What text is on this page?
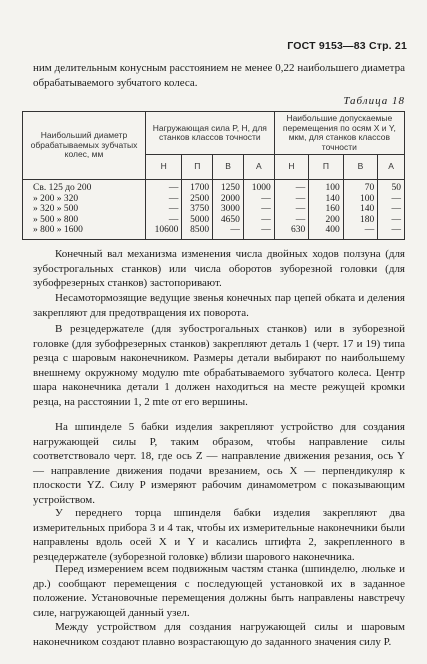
ГОСТ 9153—83 Стр. 21
ним делительным конусным расстоянием не менее 0,22 наибольшего диаметра обрабатываемого зубчатого колеса.
Таблица 18
Наибольший диаметр обрабатываемых зубчатых колес, мм	Нагружающая сила P, Н, для станков классов точности				Наибольшие допускаемые перемещения по осям X и Y, мкм, для станков классов точности			
	Н	П	В	А	Н	П	В	А
Св. 125 до 200	—	1700	1250	1000	—	100	70	50
» 200 » 320	—	2500	2000	—	—	140	100	—
» 320 » 500	—	3750	3000	—	—	160	140	—
» 500 » 800	—	5000	4650	—	—	200	180	—
» 800 » 1600	10600	8500	—	—	630	400	—	—
Конечный вал механизма изменения числа двойных ходов ползуна (для зубострогальных станков) или числа оборотов зуборезной головки (для зубофрезерных станков) застопоривают.
Несамотормозящие ведущие звенья конечных пар цепей обката и деления закрепляют для предотвращения их поворота.
В резцедержателе (для зубострогальных станков) или в зуборезной головке (для зубофрезерных станков) закрепляют деталь 1 (черт. 17 и 19) типа резца с шаровым наконечником. Размеры детали выбирают по наибольшему внешнему окружному модулю mte обрабатываемого зубчатого колеса. Центр шара наконечника детали 1 должен находиться на месте режущей кромки резца, на расстоянии 1, 2 mte от его вершины.
На шпинделе 5 бабки изделия закрепляют устройство для создания нагружающей силы P, таким образом, чтобы направление силы соответствовало черт. 18, где ось Z — направление движения резания, ось Y — направление движения подачи врезанием, ось X — перпендикуляр к плоскости YZ. Силу P измеряют рабочим динамометром с показывающим устройством.
У переднего торца шпинделя бабки изделия закрепляют два измерительных прибора 3 и 4 так, чтобы их измерительные наконечники были направлены вдоль осей X и Y и касались штифта 2, закрепленного в резцедержателе (зуборезной головке) вблизи шарового наконечника.
Перед измерением всем подвижным частям станка (шпинделю, люльке и др.) сообщают перемещения с последующей установкой их в заданное положение. Установочные перемещения должны быть направлены навстречу силе, нагружающей данный узел.
Между устройством для создания нагружающей силы и шаровым наконечником создают плавно возрастающую до заданного значения силу P.
